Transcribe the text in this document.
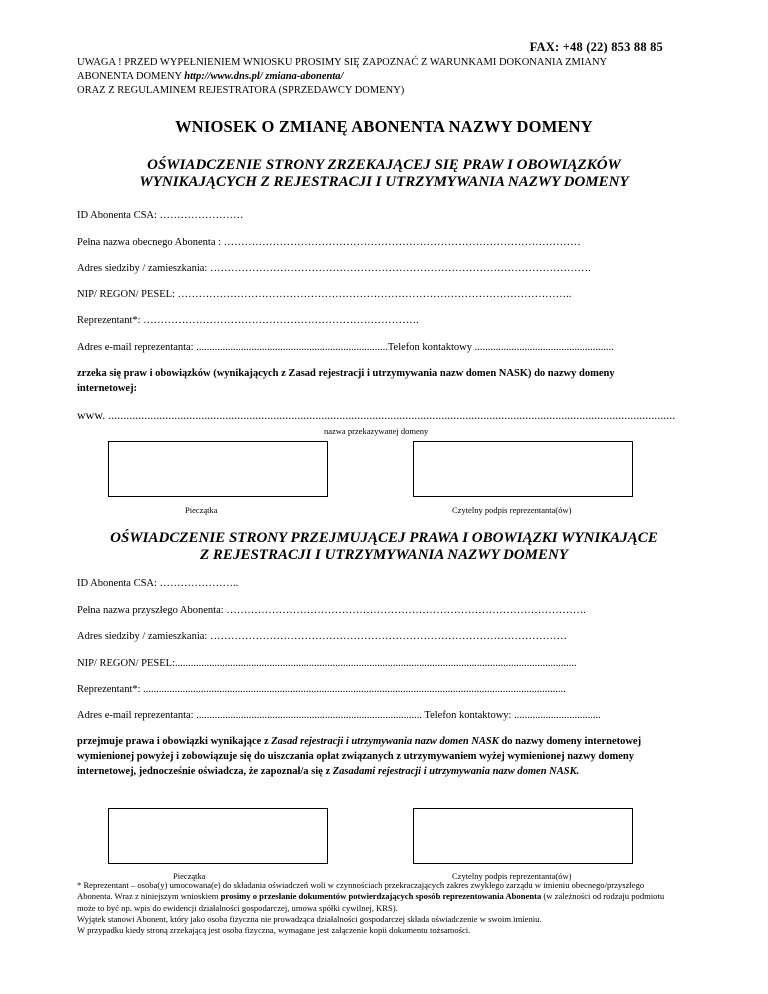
FAX: +48 (22) 853 88 85
UWAGA ! PRZED WYPEŁNIENIEM WNIOSKU PROSIMY SIĘ ZAPOZNAĆ Z WARUNKAMI DOKONANIA ZMIANY
ABONENTA DOMENY http://www.dns.pl/ zmiana-abonenta/
ORAZ Z REGULAMINEM REJESTRATORA (SPRZEDAWCY DOMENY)
WNIOSEK O ZMIANĘ ABONENTA NAZWY DOMENY
OŚWIADCZENIE STRONY ZRZEKAJĄCEJ SIĘ PRAW I OBOWIĄZKÓW
WYNIKAJĄCYCH Z REJESTRACJI I UTRZYMYWANIA NAZWY DOMENY
ID Abonenta CSA: ……………………
Pełna nazwa obecnego Abonenta : …………………………………………………………………………………………
Adres siedziby / zamieszkania: ……………………………………………………………………………………………….
NIP/ REGON/ PESEL: …………………………………………………………………………………………………..
Reprezentant*: …………………………………………………………………….
Adres e-mail reprezentanta: .........................................................................Telefon kontaktowy .....................................................
zrzeka się praw i obowiązków (wynikających z Zasad rejestracji i utrzymywania nazw domen NASK) do nazwy domeny internetowej:
www. .............................................................................................................................................................................................
nazwa przekazywanej domeny
Pieczątka	Czytelny podpis reprezentanta(ów)
OŚWIADCZENIE STRONY PRZEJMUJĄCEJ PRAWA I OBOWIĄZKI WYNIKAJĄCE
Z REJESTRACJI I UTRZYMYWANIA NAZWY DOMENY
ID Abonenta CSA: …………………..
Pełna nazwa przyszłego Abonenta: ………………………………………………………………………………………….
Adres siedziby / zamieszkania: …………………………………………………………………………………………
NIP/ REGON/ PESEL:.........................................................................................................................................................
Reprezentant*: .................................................................................................................................................................
Adres e-mail reprezentanta: ...................................................................................... Telefon kontaktowy: .................................
przejmuje prawa i obowiązki wynikające z Zasad rejestracji i utrzymywania nazw domen NASK do nazwy domeny internetowej wymienionej powyżej i zobowiązuje się do uiszczania opłat związanych z utrzymywaniem wyżej wymienionej nazwy domeny internetowej, jednocześnie oświadcza, że zapoznał/a się z Zasadami rejestracji i utrzymywania nazw domen NASK.
Pieczątka	Czytelny podpis reprezentanta(ów)
* Reprezentant – osoba(y) umocowana(e) do składania oświadczeń woli w czynnościach przekraczających zakres zwykłego zarządu w imieniu obecnego/przyszłego Abonenta. Wraz z niniejszym wnioskiem prosimy o przesłanie dokumentów potwierdzających sposób reprezentowania Abonenta (w zależności od rodzaju podmiotu może to być np. wpis do ewidencji działalności gospodarczej, umowa spółki cywilnej, KRS).
Wyjątek stanowi Abonent, który jako osoba fizyczna nie prowadząca działalności gospodarczej składa oświadczenie w swoim imieniu.
W przypadku kiedy stroną zrzekającą jest osoba fizyczna, wymagane jest załączenie kopii dokumentu tożsamości.
